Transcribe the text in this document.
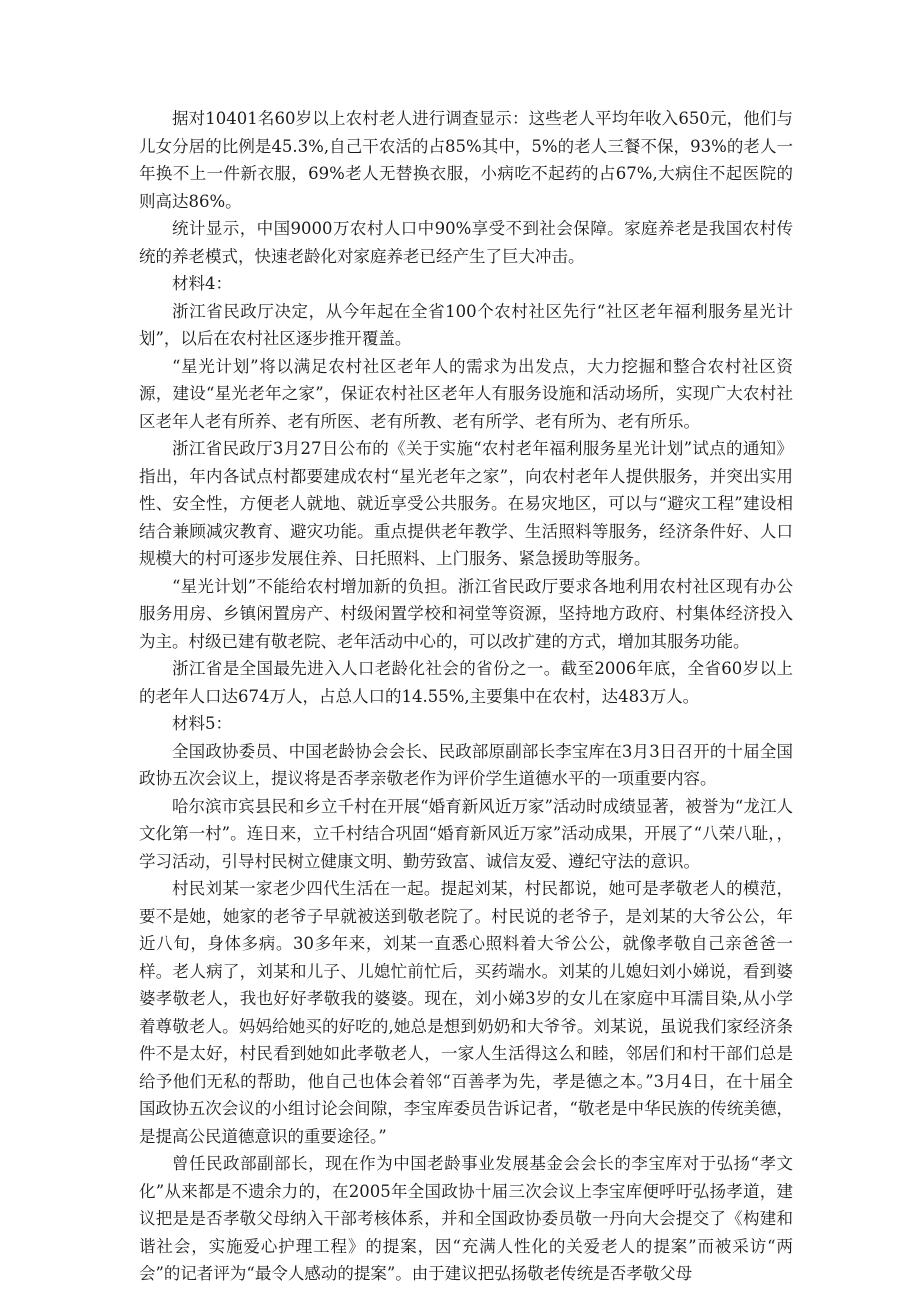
据对10401名60岁以上农村老人进行调查显示：这些老人平均年收入650元，他们与儿女分居的比例是45.3%,自己干农活的占85%其中，5%的老人三餐不保，93%的老人一年换不上一件新衣服，69%老人无替换衣服，小病吃不起药的占67%,大病住不起医院的则高达86%。

统计显示，中国9000万农村人口中90%享受不到社会保障。家庭养老是我国农村传统的养老模式，快速老龄化对家庭养老已经产生了巨大冲击。

材料4：

浙江省民政厅决定，从今年起在全省100个农村社区先行“社区老年福利服务星光计划”，以后在农村社区逐步推开覆盖。

“星光计划”将以满足农村社区老年人的需求为出发点，大力挖掘和整合农村社区资源，建设“星光老年之家”，保证农村社区老年人有服务设施和活动场所，实现广大农村社区老年人老有所养、老有所医、老有所教、老有所学、老有所为、老有所乐。

浙江省民政厅3月27日公布的《关于实施“农村老年福利服务星光计划”试点的通知》指出，年内各试点村都要建成农村“星光老年之家”，向农村老年人提供服务，并突出实用性、安全性，方便老人就地、就近享受公共服务。在易灾地区，可以与“避灾工程”建设相结合兼顾减灾教育、避灾功能。重点提供老年教学、生活照料等服务，经济条件好、人口规模大的村可逐步发展住养、日托照料、上门服务、紧急援助等服务。

“星光计划”不能给农村增加新的负担。浙江省民政厅要求各地利用农村社区现有办公服务用房、乡镇闲置房产、村级闲置学校和祠堂等资源，坚持地方政府、村集体经济投入为主。村级已建有敬老院、老年活动中心的，可以改扩建的方式，增加其服务功能。

浙江省是全国最先进入人口老龄化社会的省份之一。截至2006年底，全省60岁以上的老年人口达674万人，占总人口的14.55%,主要集中在农村，达483万人。

材料5：

全国政协委员、中国老龄协会会长、民政部原副部长李宝库在3月3日召开的十届全国政协五次会议上，提议将是否孝亲敬老作为评价学生道德水平的一项重要内容。

哈尔滨市宾县民和乡立千村在开展“婚育新风近万家”活动时成绩显著，被誉为“龙江人文化第一村”。连日来，立千村结合巩固“婚育新风近万家”活动成果，开展了“八荣八耻，，学习活动，引导村民树立健康文明、勤劳致富、诚信友爱、遵纪守法的意识。

村民刘某一家老少四代生活在一起。提起刘某，村民都说，她可是孝敬老人的模范，要不是她，她家的老爷子早就被送到敬老院了。村民说的老爷子，是刘某的大爷公公，年近八旬，身体多病。30多年来，刘某一直悉心照料着大爷公公，就像孝敬自己亲爸爸一样。老人病了，刘某和儿子、儿媳忙前忙后，买药端水。刘某的儿媳妇刘小娣说，看到婆婆孝敬老人，我也好好孝敬我的婆婆。现在，刘小娣3岁的女儿在家庭中耳濡目染,从小学着尊敬老人。妈妈给她买的好吃的,她总是想到奶奶和大爷爷。刘某说，虽说我们家经济条件不是太好，村民看到她如此孝敬老人，一家人生活得这么和睦，邻居们和村干部们总是给予他们无私的帮助，他自己也体会着邻“百善孝为先，孝是德之本。”3月4日，在十届全国政协五次会议的小组讨论会间隙，李宝库委员告诉记者，“敬老是中华民族的传统美德，是提高公民道德意识的重要途径。”

曾任民政部副部长，现在作为中国老龄事业发展基金会会长的李宝库对于弘扬“孝文化”从来都是不遗余力的，在2005年全国政协十届三次会议上李宝库便呼吁弘扬孝道，建议把是是否孝敬父母纳入干部考核体系，并和全国政协委员敬一丹向大会提交了《构建和谐社会，实施爱心护理工程》的提案，因“充满人性化的关爱老人的提案”而被采访“两会”的记者评为“最令人感动的提案”。由于建议把弘扬敬老传统是否孝敬父母
